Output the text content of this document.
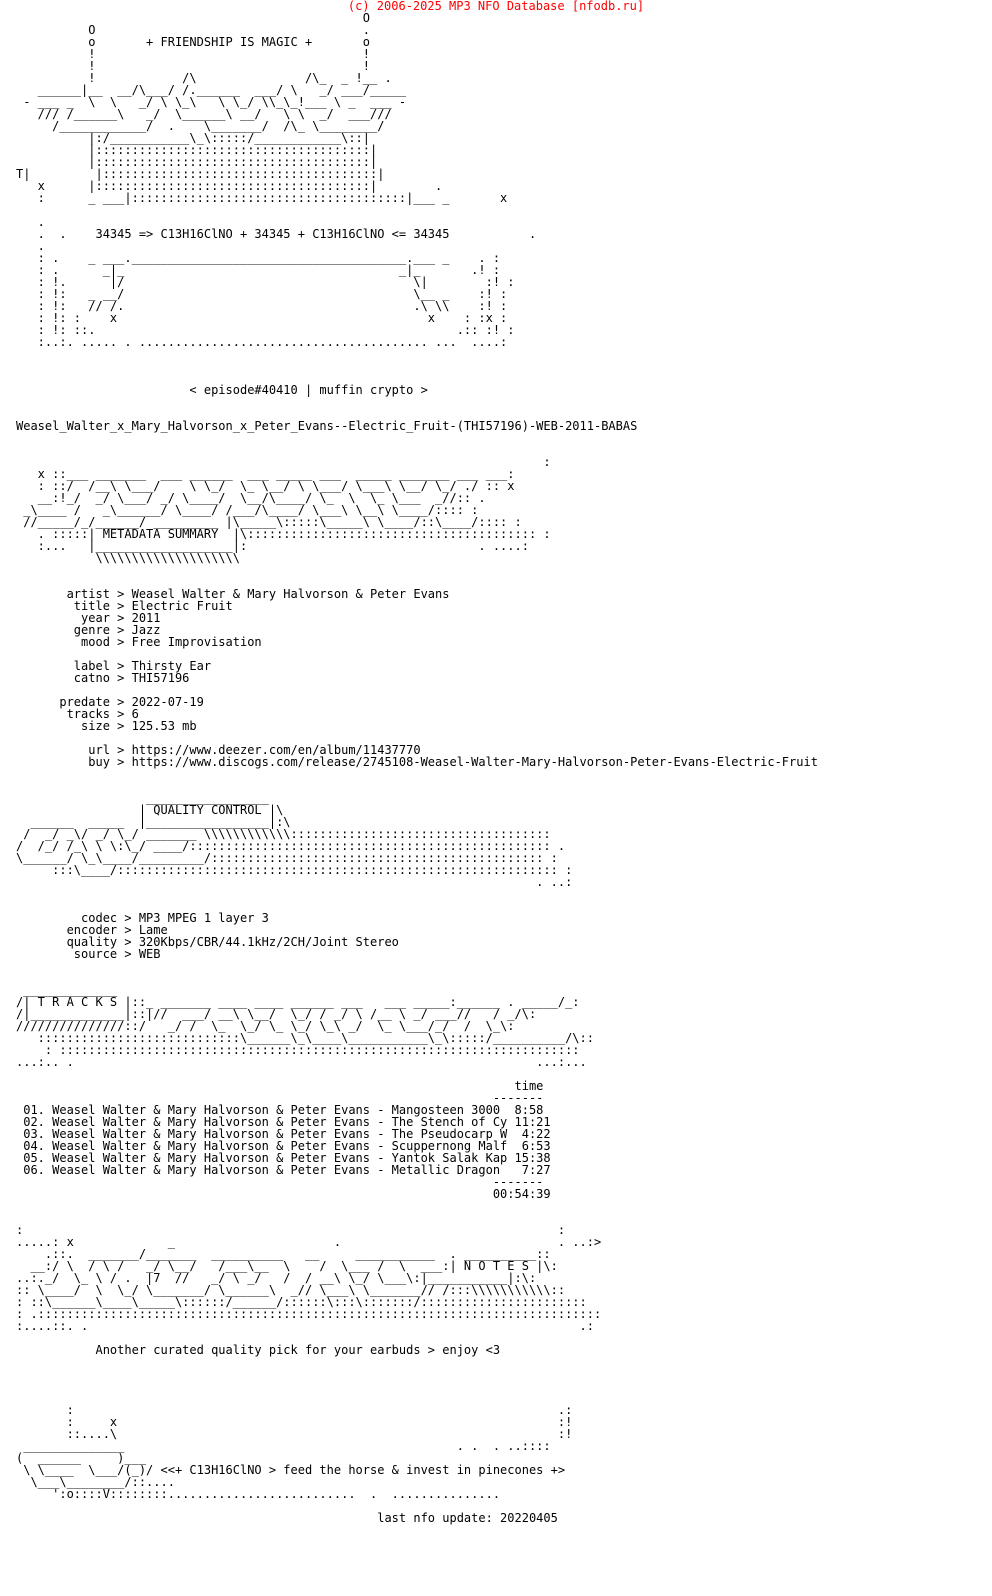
(c) 2006-2025 MP3 NFO Database [nfodb.ru]
O
O                                     .
o       + FRIENDSHIP IS MAGIC +       o
!                                     !
!                                     !
!            /\               /\_  _ !__ .
______|__  __/\___/ /.______  ___/ \   _/ ___/_____
- ___ _  \  \   _/ \ \_\   \ \_/ \\_\_!___ \ _  ___ -
/// /______\   _/  \______\ __/   \ \  _/  ___///
/____________/  .    \_______/  /\_ \________/
|:/___________\_\:::::/____________\::|
|::::::::::::::::::::::::::::::::::::::|
|::::::::::::::::::::::::::::::::::::::|
T|         |::::::::::::::::::::::::::::::::::::::|
x      |::::::::::::::::::::::::::::::::::::::|        .
:      _ ___|::::::::::::::::::::::::::::::::::::::|___ _       x
.
.  .    34345 => C13H16ClNO + 34345 + C13H16ClNO <= 34345           .
.
: .    _ ___.______________________________________.___ _    . :
: .      _|_                                      _|_       .! :
: !.      |/                                        \|        :! :
: !:   _ __/                                        \__ _    :! :
: !:   // /.                                        .\ \\    :! :
: !: :    x                                           x    : :x :
: !: ::.                                                  .:: :! :
:..:. ..... . ........................................ ...  ....:
< episode#40410 | muffin crypto >
Weasel_Walter_x_Mary_Halvorson_x_Peter_Evans--Electric_Fruit-(THI57196)-WEB-2011-BABAS
:
x ::___ _______  ___ ______  ___ _____ ___  _____ _______ ___ ___:
: ::/  /__\ \___/    \ \_/  \_ \__/ \ \___/ \___\ \__/ \_/ ./ :: x
__:!_/  _/ \___/ _/ \____/  \__/\____/ \_  \  \_ \___  _//:: .
_\____ /   _\______/ \____/ /___/\____/ \___\ \__\ \____/:::: :
//_____/_/______/ _________ |\_____\:::::\_____\ \____/::\____/:::: :
. :::::| METADATA SUMMARY  |\:::::::::::::::::::::::::::::::::::::::: :
:...   |___________________|:                                . ....:
\\\\\\\\\\\\\\\\\\\\
artist > Weasel Walter & Mary Halvorson & Peter Evans
title > Electric Fruit
year > 2011
genre > Jazz
mood > Free Improvisation
label > Thirsty Ear
catno > THI57196
predate > 2022-07-19
tracks > 6
size > 125.53 mb
url > https://www.deezer.com/en/album/11437770
buy > https://www.discogs.com/release/2745108-Weasel-Walter-Mary-Halvorson-Peter-Evans-Electric-Fruit
_________________
| QUALITY CONTROL |\
______  _____  |_________________|:\
/  _/ _\/ _/ \_/ _______ \\\\\\\\\\\\::::::::::::::::::::::::::::::::::::
/  /_/ /_\ \ \:\_/ ____/:::::::::::::::::::::::::::::::::::::::::::::::::: .
\______/ \_\____/_________/:::::::::::::::::::::::::::::::::::::::::::::: :
:::\____/::::::::::::::::::::::::::::::::::::::::::::::::::::::::::::: :
. ..:
codec > MP3 MPEG 1 layer 3
encoder > Lame
quality > 320Kbps/CBR/44.1kHz/2CH/Joint Stereo
source > WEB
_____________
/| T R A C K S |::_ _______ ____ ____ ______ ___   ___ _____:______ . _____/_:
/|_____________|::|//  ___/ __\ \__/  \_/ / _/ \ /__ \ _/ ___//   / _/\:
///////////////::/   _/ /  \_  \_/ \_ \_/ \_\ _/  \_ \___/_/  /  \_\:
::::::::::::::::::::::::::::\______\_\____\___________\_\:::::/__________/\::
: ::::::::::::::::::::::::::::::::::::::::::::::::::::::::::::::::::::::::
...:.. .                                                                ...:...
time
-------
01. Weasel Walter & Mary Halvorson & Peter Evans - Mangosteen 3000  8:58
02. Weasel Walter & Mary Halvorson & Peter Evans - The Stench of Cy 11:21
03. Weasel Walter & Mary Halvorson & Peter Evans - The Pseudocarp W  4:22
04. Weasel Walter & Mary Halvorson & Peter Evans - Scuppernong Malf  6:53
05. Weasel Walter & Mary Halvorson & Peter Evans - Yantok Salak Kap 15:38
06. Weasel Walter & Mary Halvorson & Peter Evans - Metallic Dragon   7:27
-------
00:54:39
:                                                                          :
.....: x             _                      .                              . ..:>
.::.  _______/_______  __________   __     ___________  . __________::
__:/ \  / \ /   _/ \__/   /___\__  \    /  \___ /  \  ___:| N O T E S |\:
..:._/  \_ \ / .  |7  //   _/ \ _/   /  / __\ \_/ \___\:|___________|:\:
:: \____/  \  \_/ \_______/ \______\  _// \___\ \_______// /:::\\\\\\\\\\\::
: ::\______\____\_____\::::::/______/::::::\:::\:::::::/:::::::::::::::::::::::
: .::::::::::::::::::::::::::::::::::::::::::::::::::::::::::::::::::::::::::::::
:....::. .                                                                    .:
Another curated quality pick for your earbuds > enjoy <3
:                                                                   .:
:     x                                                             :!
::....\                                                             :!
______________                                              . .  . ..::::
(  ______     )___
\ \____  \___/(_)/ <<+ C13H16ClNO > feed the horse & invest in pinecones +>
\___\________/::....
':o::::V::::::::..........................  .  ...............
last nfo update: 20220405
